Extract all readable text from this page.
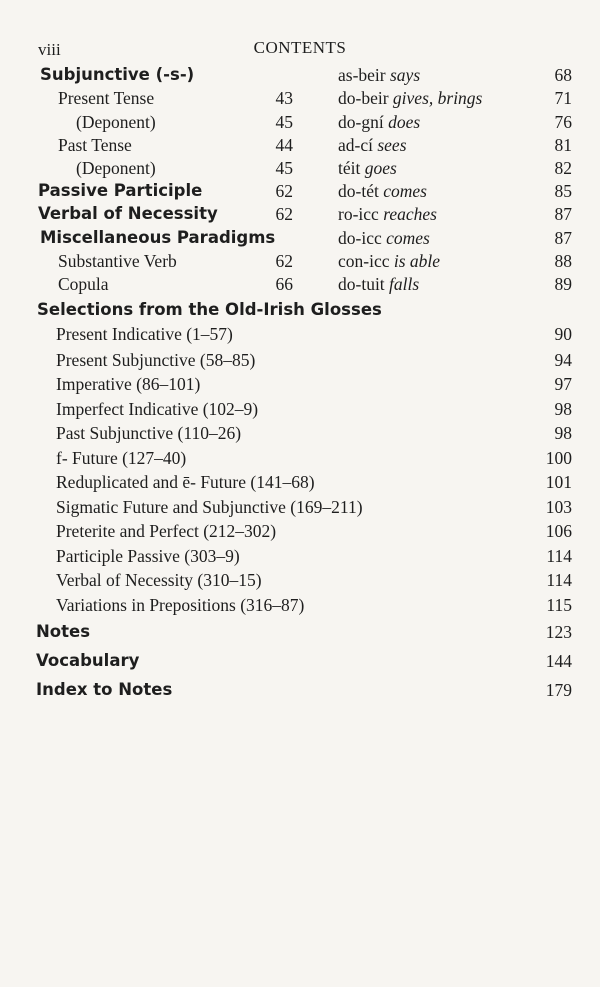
viii	CONTENTS
Subjunctive (-s-)
Present Tense	43
(Deponent)	45
Past Tense	44
(Deponent)	45
Passive Participle	62
Verbal of Necessity	62
Miscellaneous Paradigms
Substantive Verb	62
Copula	66
as-beir says	68
do-beir gives, brings	71
do-gní does	76
ad-cí sees	81
téit goes	82
do-tét comes	85
ro-icc reaches	87
do-icc comes	87
con-icc is able	88
do-tuit falls	89
Selections from the Old-Irish Glosses
Present Indicative (1–57)	90
Present Subjunctive (58–85)	94
Imperative (86–101)	97
Imperfect Indicative (102–9)	98
Past Subjunctive (110–26)	98
f- Future (127–40)	100
Reduplicated and ē- Future (141–68)	101
Sigmatic Future and Subjunctive (169–211)	103
Preterite and Perfect (212–302)	106
Participle Passive (303–9)	114
Verbal of Necessity (310–15)	114
Variations in Prepositions (316–87)	115
Notes	123
Vocabulary	144
Index to Notes	179
